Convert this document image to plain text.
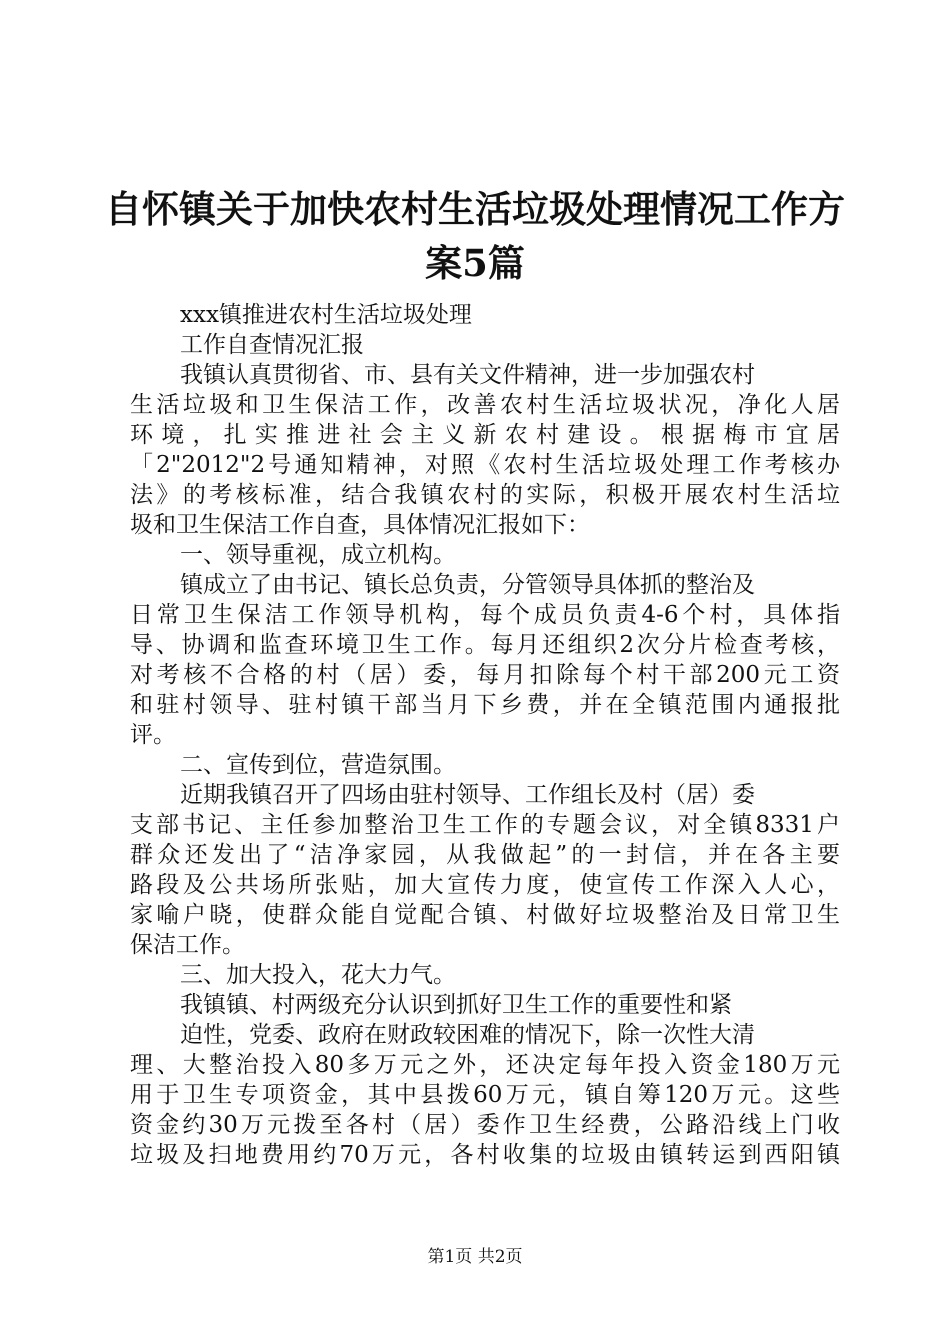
自怀镇关于加快农村生活垃圾处理情况工作方
案5篇
xxx镇推进农村生活垃圾处理
工作自查情况汇报
我镇认真贯彻省、市、县有关文件精神，进一步加强农村
生活垃圾和卫生保洁工作，改善农村生活垃圾状况，净化人居
环境，扎实推进社会主义新农村建设。根据梅市宜居
「2"2012"2号通知精神，对照《农村生活垃圾处理工作考核办
法》的考核标准，结合我镇农村的实际，积极开展农村生活垃
圾和卫生保洁工作自查，具体情况汇报如下：
一、领导重视，成立机构。
镇成立了由书记、镇长总负责，分管领导具体抓的整治及
日常卫生保洁工作领导机构，每个成员负责4-6个村，具体指
导、协调和监查环境卫生工作。每月还组织2次分片检查考核，
对考核不合格的村（居）委，每月扣除每个村干部200元工资
和驻村领导、驻村镇干部当月下乡费，并在全镇范围内通报批
评。
二、宣传到位，营造氛围。
近期我镇召开了四场由驻村领导、工作组长及村（居）委
支部书记、主任参加整治卫生工作的专题会议，对全镇8331户
群众还发出了“洁净家园，从我做起”的一封信，并在各主要
路段及公共场所张贴，加大宣传力度，使宣传工作深入人心，
家喻户晓，使群众能自觉配合镇、村做好垃圾整治及日常卫生
保洁工作。
三、加大投入，花大力气。
我镇镇、村两级充分认识到抓好卫生工作的重要性和紧
迫性，党委、政府在财政较困难的情况下，除一次性大清
理、大整治投入80多万元之外，还决定每年投入资金180万元
用于卫生专项资金，其中县拨60万元，镇自筹120万元。这些
资金约30万元拨至各村（居）委作卫生经费，公路沿线上门收
垃圾及扫地费用约70万元，各村收集的垃圾由镇转运到西阳镇
第1页 共2页
